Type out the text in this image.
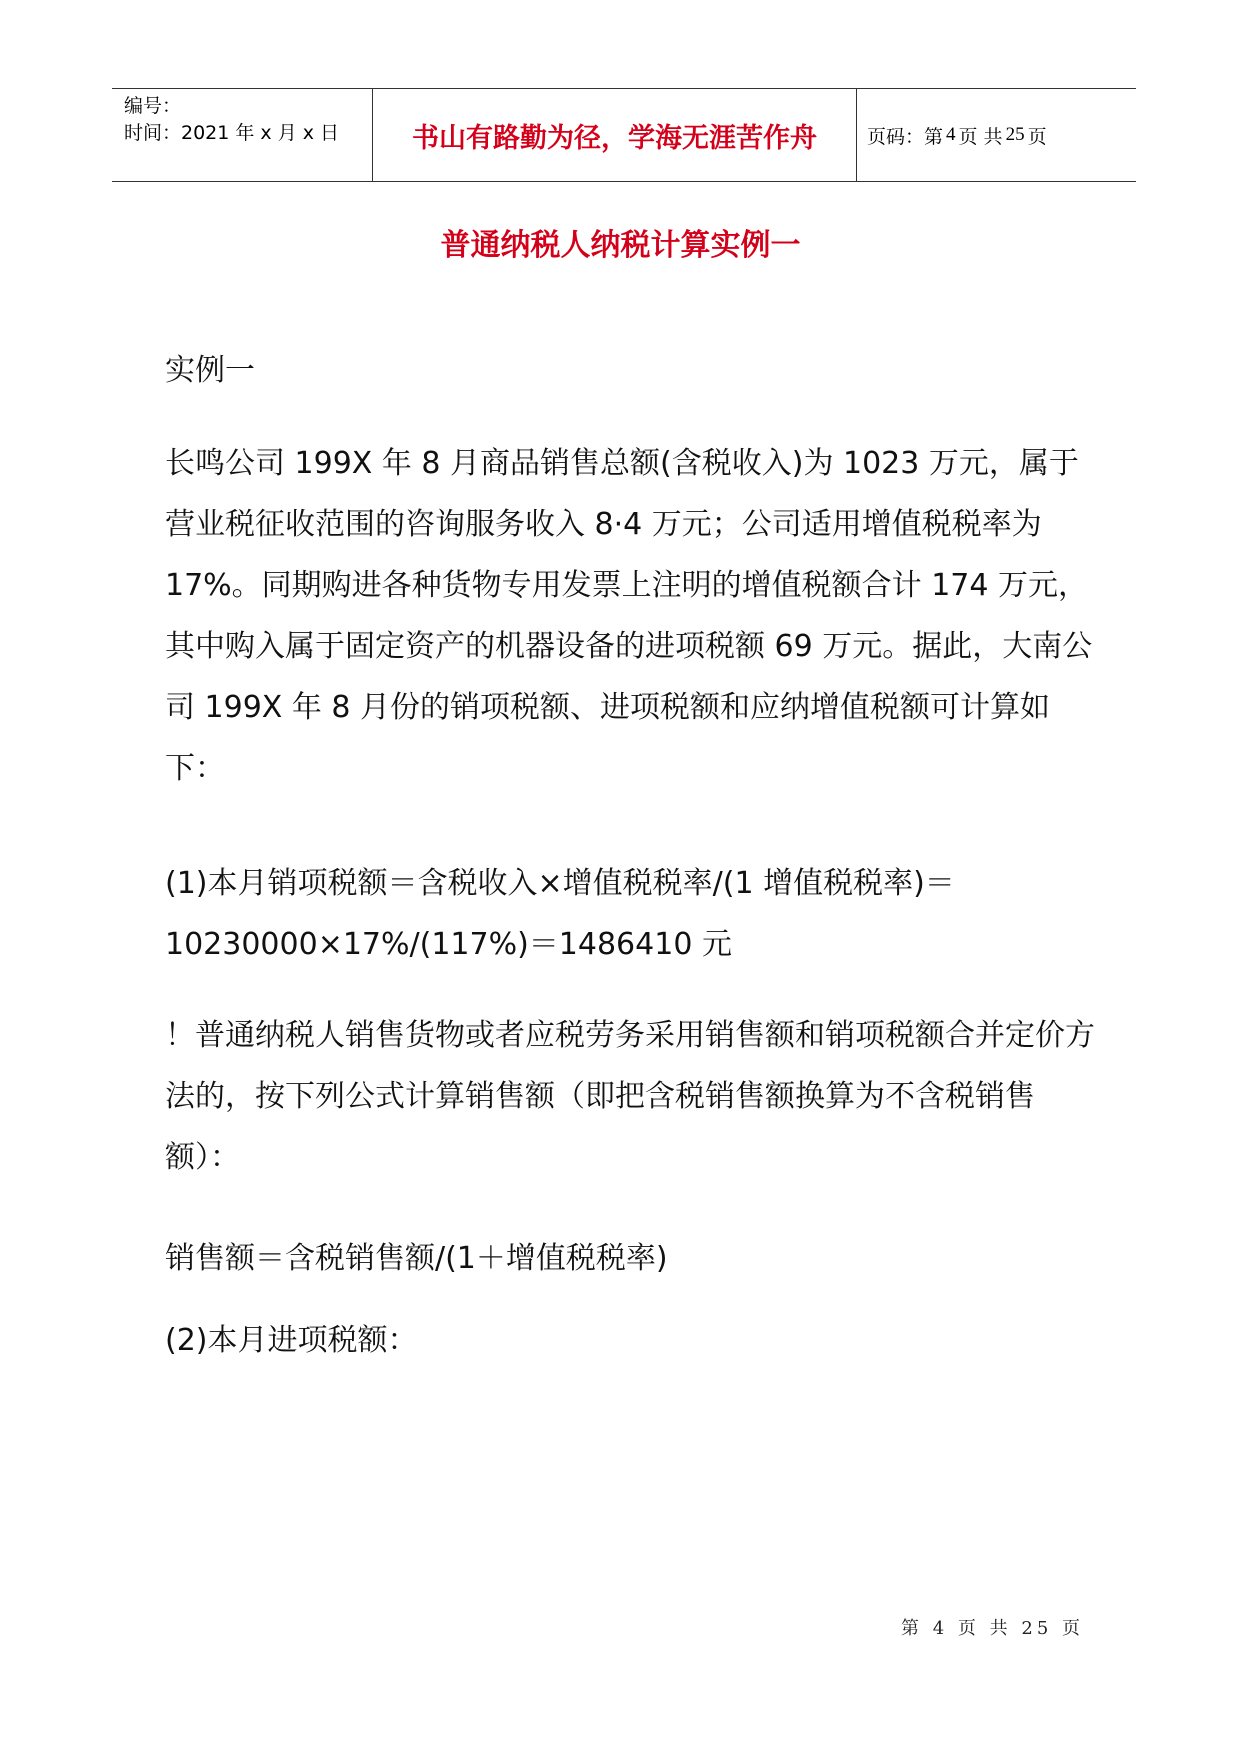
编号：
时间：2021 年 x 月 x 日	书山有路勤为径，学海无涯苦作舟	页码：第 4 页 共 25 页
普通纳税人纳税计算实例一
实例一
长鸣公司 199X 年 8 月商品销售总额(含税收入)为 1023 万元，属于营业税征收范围的咨询服务收入 8·4 万元；公司适用增值税税率为 17%。同期购进各种货物专用发票上注明的增值税额合计 174 万元，其中购入属于固定资产的机器设备的进项税额 69 万元。据此，大南公司 199X 年 8 月份的销项税额、进项税额和应纳增值税额可计算如下：
(1)本月销项税额＝含税收入×增值税税率/(1 增值税税率)＝10230000×17%/(117%)＝1486410 元
！普通纳税人销售货物或者应税劳务采用销售额和销项税额合并定价方法的，按下列公式计算销售额（即把含税销售额换算为不含税销售额）：
销售额＝含税销售额/(1＋增值税税率)
(2)本月进项税额：
第 4 页 共 25 页
